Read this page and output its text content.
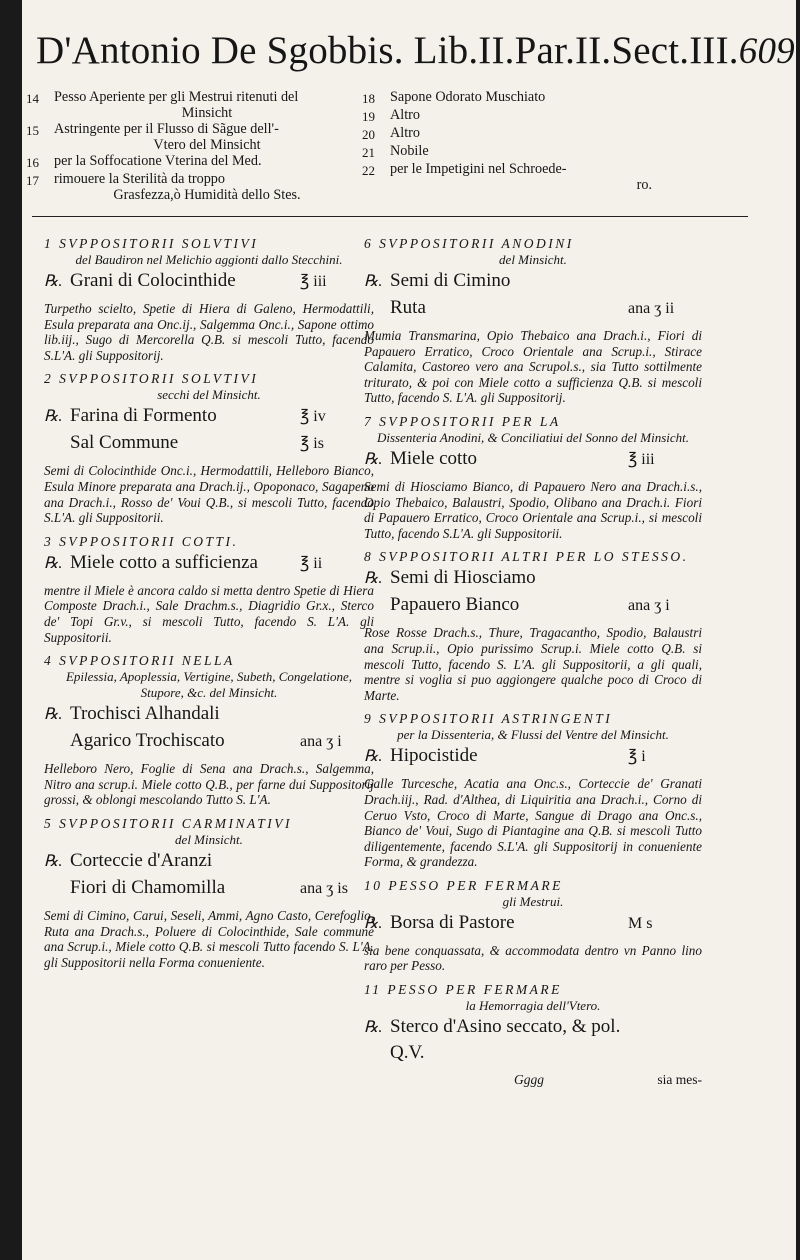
D'Antonio De Sgobbis. Lib.II.Par.II.Sect.III. 609
14	Pesso Aperiente per gli Mestrui ritenuti del
Minsicht
15	Astringente per il Flusso di Sãgue dell'-
Vtero del Minsicht
16	per la Soffocatione Vterina del Med.
17	rimouere la Sterilità da troppo
Grasfezza,ò Humidità dello Stes.
18	Sapone Odorato Muschiato
19	Altro
20	Altro
21	Nobile
22	per le Impetigini nel Schroede-
ro.
1 SVPPOSITORII SOLVTIVI
del Baudiron nel Melichio aggionti dallo Stecchini.
℞. Grani di Colocinthide	℥ iii
Turpetho scielto, Spetie di Hiera di Galeno, Hermodattili, Esula preparata ana Onc.ij., Salgemma Onc.i., Sapone ottimo lib.iij., Sugo di Mercorella Q.B. si mescoli Tutto, facendo S.L'A. gli Suppositorij.
2 SVPPOSITORII SOLVTIVI
secchi del Minsicht.
℞. Farina di Formento	℥ iv
Sal Commune	℥ is
Semi di Colocinthide Onc.i., Hermodattili, Helleboro Bianco, Esula Minore preparata ana Drach.ij., Opoponaco, Sagapeno ana Drach.i., Rosso de' Voui Q.B., si mescoli Tutto, facendo S.L'A. gli Suppositorii.
3 SVPPOSITORII COTTI.
℞. Miele cotto a sufficienza	℥ ii
mentre il Miele è ancora caldo si metta dentro Spetie di Hiera Composte Drach.i., Sale Drachm.s., Diagridio Gr.x., Sterco de' Topi Gr.v., si mescoli Tutto, facendo S. L'A. gli Suppositorii.
4 SVPPOSITORII NELLA
Epilessia, Apoplessia, Vertigine, Subeth, Congelatione, Stupore, &c. del Minsicht.
℞. Trochisci Alhandali
Agarico Trochiscato	ana ʒ i
Helleboro Nero, Foglie di Sena ana Drach.s., Salgemma, Nitro ana scrup.i. Miele cotto Q.B., per farne dui Suppositorij grossi, & oblongi mescolando Tutto S. L'A.
5 SVPPOSITORII CARMINATIVI
del Minsicht.
℞. Corteccie d'Aranzi
Fiori di Chamomilla	ana ʒ is
Semi di Cimino, Carui, Seseli, Ammi, Agno Casto, Cerefoglio, Ruta ana Drach.s., Poluere di Colocinthide, Sale commune ana Scrup.i., Miele cotto Q.B. si mescoli Tutto facendo S. L'A. gli Suppositorii nella Forma conueniente.
6 SVPPOSITORII ANODINI
del Minsicht.
℞. Semi di Cimino
Ruta	ana ʒ ii
Mumia Transmarina, Opio Thebaico ana Drach.i., Fiori di Papauero Erratico, Croco Orientale ana Scrup.i., Stirace Calamita, Castoreo vero ana Scrupol.s., sia Tutto sottilmente triturato, & poi con Miele cotto a sufficienza Q.B. si mescoli Tutto, facendo S. L'A. gli Suppositorij.
7 SVPPOSITORII PER LA
Dissenteria Anodini, & Conciliatiui del Sonno del Minsicht.
℞. Miele cotto	℥ iii
Semi di Hiosciamo Bianco, di Papauero Nero ana Drach.i.s., Opio Thebaico, Balaustri, Spodio, Olibano ana Drach.i. Fiori di Papauero Erratico, Croco Orientale ana Scrup.i., si mescoli Tutto, facendo S.L'A. gli Suppositorii.
8 SVPPOSITORII ALTRI PER LO STESSO.
℞. Semi di Hiosciamo
Papauero Bianco	ana ʒ i
Rose Rosse Drach.s., Thure, Tragacantho, Spodio, Balaustri ana Scrup.ii., Opio purissimo Scrup.i. Miele cotto Q.B. si mescoli Tutto, facendo S. L'A. gli Suppositorii, a gli quali, mentre si voglia si puo aggiongere qualche poco di Croco di Marte.
9 SVPPOSITORII ASTRINGENTI
per la Dissenteria, & Flussi del Ventre del Minsicht.
℞. Hipocistide	℥ i
Galle Turcesche, Acatia ana Onc.s., Corteccie de' Granati Drach.iij., Rad. d'Althea, di Liquiritia ana Drach.i., Corno di Ceruo Vsto, Croco di Marte, Sangue di Drago ana Onc.s., Bianco de' Voui, Sugo di Piantagine ana Q.B. si mescoli Tutto diligentemente, facendo S.L'A. gli Suppositorij in conueniente Forma, & grandezza.
10 PESSO PER FERMARE
gli Mestrui.
℞. Borsa di Pastore	M s
sia bene conquassata, & accommodata dentro vn Panno lino raro per Pesso.
11 PESSO PER FERMARE
la Hemorragia dell'Vtero.
℞. Sterco d'Asino seccato, & pol. Q.V.
Gggg	sia mes-
